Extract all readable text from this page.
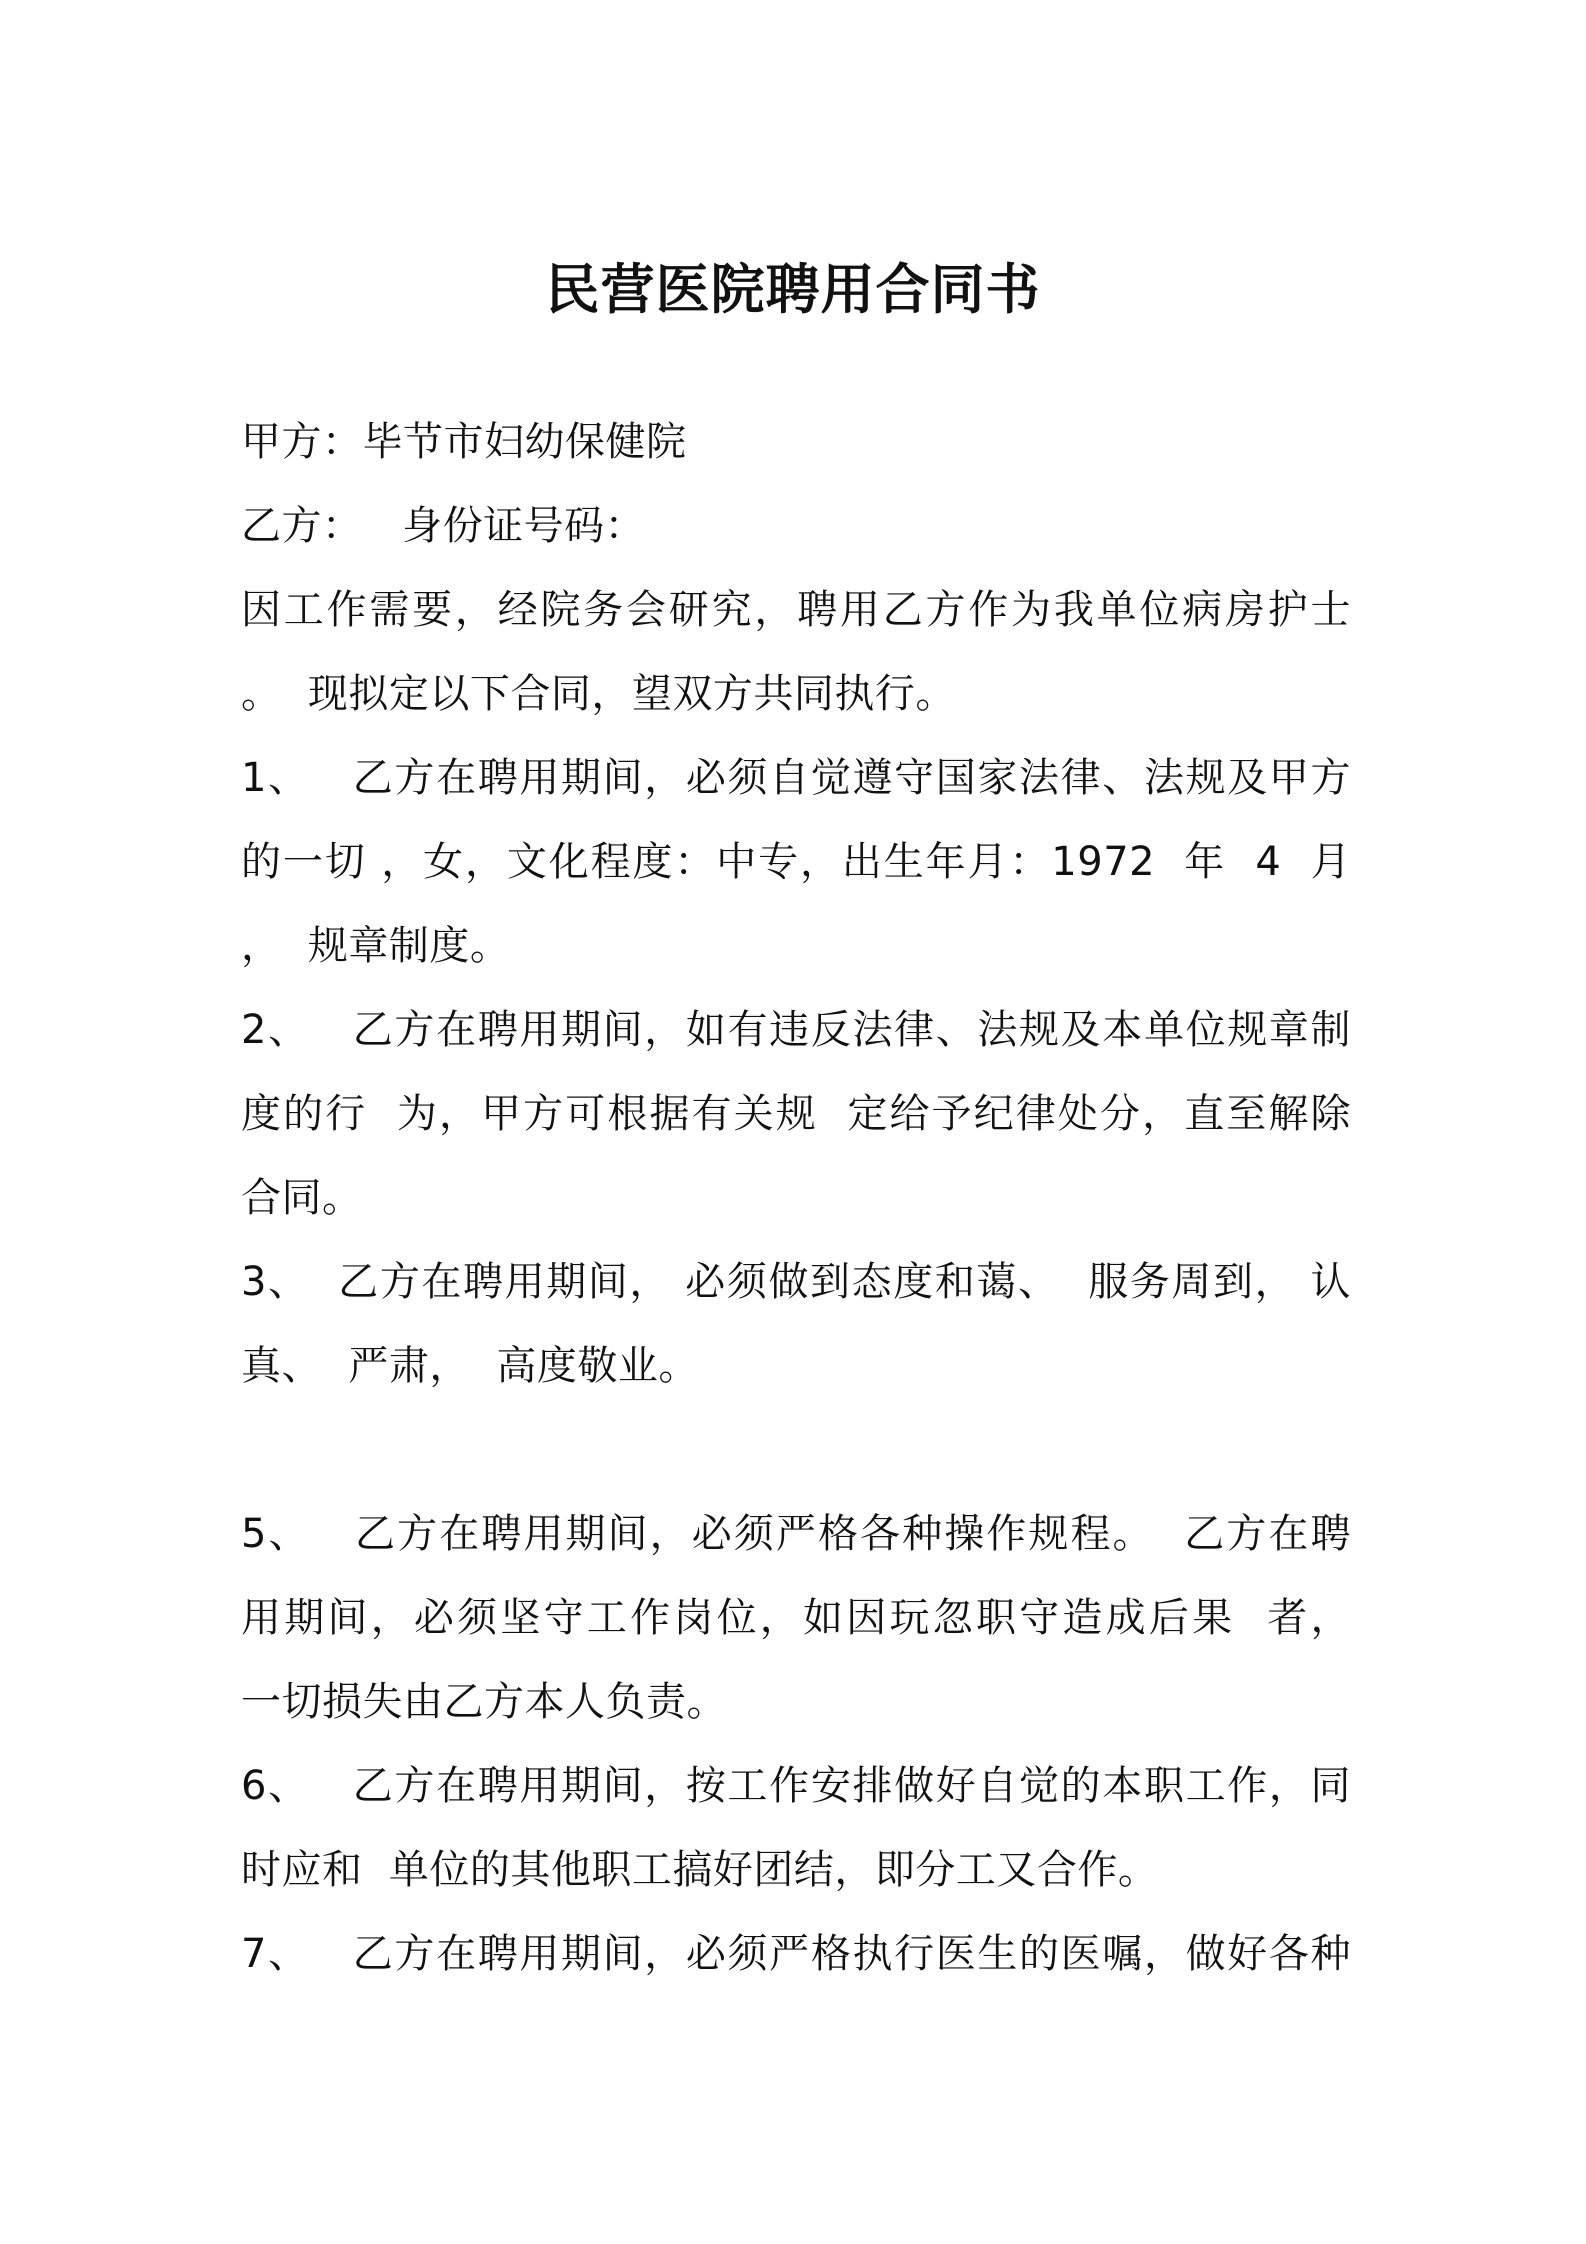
民营医院聘用合同书
甲方：毕节市妇幼保健院
乙方：   身份证号码：
因工作需要，经院务会研究，聘用乙方作为我单位病房护士
。  现拟定以下合同，望双方共同执行。
1、   乙方在聘用期间，必须自觉遵守国家法律、法规及甲方
的一切 ，女，文化程度：中专，出生年月：1972  年  4  月
，  规章制度。
2、   乙方在聘用期间，如有违反法律、法规及本单位规章制
度的行  为，甲方可根据有关规  定给予纪律处分，直至解除
合同。
3、  乙方在聘用期间， 必须做到态度和蔼、  服务周到， 认
真、  严肃，  高度敬业。
5、   乙方在聘用期间，必须严格各种操作规程。  乙方在聘
用期间，必须坚守工作岗位，如因玩忽职守造成后果  者，
一切损失由乙方本人负责。
6、   乙方在聘用期间，按工作安排做好自觉的本职工作，同
时应和  单位的其他职工搞好团结，即分工又合作。
7、   乙方在聘用期间，必须严格执行医生的医嘱，做好各种
